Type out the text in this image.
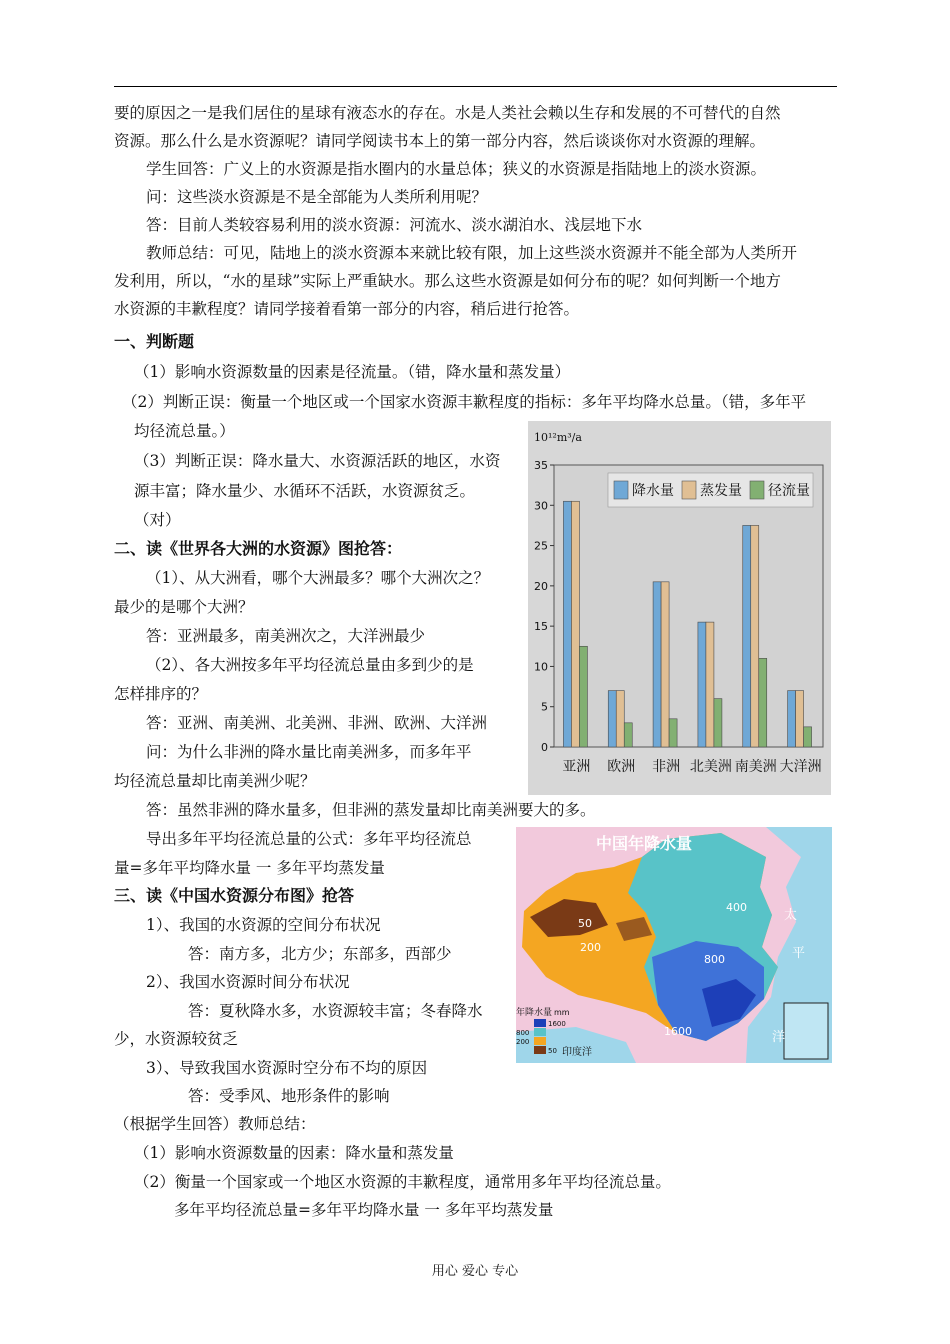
要的原因之一是我们居住的星球有液态水的存在。水是人类社会赖以生存和发展的不可替代的自然
资源。那么什么是水资源呢？请同学阅读书本上的第一部分内容，然后谈谈你对水资源的理解。
学生回答：广义上的水资源是指水圈内的水量总体；狭义的水资源是指陆地上的淡水资源。
问：这些淡水资源是不是全部能为人类所利用呢？
答：目前人类较容易利用的淡水资源：河流水、淡水湖泊水、浅层地下水
教师总结：可见，陆地上的淡水资源本来就比较有限，加上这些淡水资源并不能全部为人类所开
发利用，所以，“水的星球”实际上严重缺水。那么这些水资源是如何分布的呢？如何判断一个地方
水资源的丰歉程度？请同学接着看第一部分的内容，稍后进行抢答。
一、判断题
（1）影响水资源数量的因素是径流量。（错，降水量和蒸发量）
（2）判断正误：衡量一个地区或一个国家水资源丰歉程度的指标：多年平均降水总量。（错，多年平
均径流总量。）
（3）判断正误：降水量大、水资源活跃的地区，水资
源丰富；降水量少、水循环不活跃，水资源贫乏。
（对）
二、读《世界各大洲的水资源》图抢答：
（1）、从大洲看，哪个大洲最多？哪个大洲次之？
最少的是哪个大洲？
答：亚洲最多，南美洲次之，大洋洲最少
（2）、各大洲按多年平均径流总量由多到少的是
怎样排序的？
答：亚洲、南美洲、北美洲、非洲、欧洲、大洋洲
问：为什么非洲的降水量比南美洲多，而多年平
均径流总量却比南美洲少呢？
答：虽然非洲的降水量多，但非洲的蒸发量却比南美洲要大的多。
导出多年平均径流总量的公式：多年平均径流总
量=多年平均降水量 一 多年平均蒸发量
三、读《中国水资源分布图》抢答
1）、我国的水资源的空间分布状况
答：南方多，北方少；东部多，西部少
2）、我国水资源时间分布状况
答：夏秋降水多，水资源较丰富；冬春降水
少，水资源较贫乏
3）、导致我国水资源时空分布不均的原因
答：受季风、地形条件的影响
（根据学生回答）教师总结：
（1）影响水资源数量的因素：降水量和蒸发量
（2）衡量一个国家或一个地区水资源的丰歉程度，通常用多年平均径流总量。
多年平均径流总量=多年平均降水量 一 多年平均蒸发量
0
5
10
15
20
25
30
35
亚洲 欧洲 非洲 北美洲 南美洲 大洋洲
10¹²m³/a
降水量 蒸发量 径流量
中国年降水量
400
50
200
800
1600
太
平
洋
年降水量 mm
1600
800
200
50 印度洋
用心 爱心 专心
